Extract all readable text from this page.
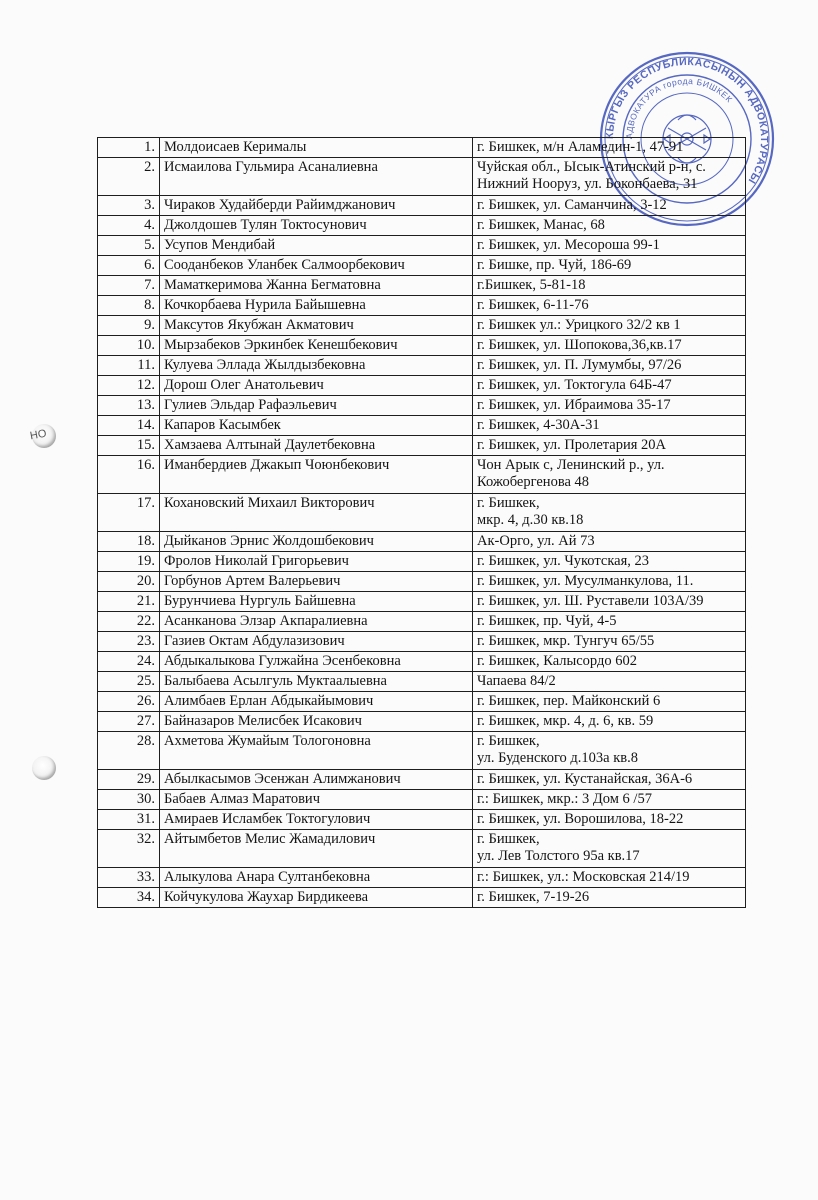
НО
КЫРГЫЗ РЕСПУБЛИКАСЫНЫН АДВОКАТУРАСЫ
АДВОКАТУРА города БИШКЕК
1.	Молдоисаев Керималы	г. Бишкек, м/н Аламедин-1, 47-91

2.	Исмаилова Гульмира Асаналиевна	Чуйская обл., Ысык-Атинский р-н, с.
Нижний Нооруз, ул. Боконбаева, 31

3.	Чираков Худайберди Райимджанович	г. Бишкек, ул. Саманчина, 3-12

4.	Джолдошев Тулян Токтосунович	г. Бишкек, Манас, 68

5.	Усупов Мендибай	г. Бишкек, ул. Месороша 99-1

6.	Сооданбеков Уланбек Салмоорбекович	г. Бишке, пр. Чуй, 186-69

7.	Маматкеримова Жанна Бегматовна	г.Бишкек, 5-81-18

8.	Кочкорбаева Нурила Байышевна	г. Бишкек, 6-11-76

9.	Максутов Якубжан Акматович	г. Бишкек ул.: Урицкого 32/2 кв 1

10.	Мырзабеков Эркинбек Кенешбекович	г. Бишкек, ул. Шопокова,36,кв.17

11.	Кулуева Эллада Жылдызбековна	г. Бишкек, ул. П. Лумумбы, 97/26

12.	Дорош Олег Анатольевич	г. Бишкек, ул. Токтогула 64Б-47

13.	Гулиев Эльдар Рафаэльевич	г. Бишкек, ул. Ибраимова 35-17

14.	Капаров Касымбек	г. Бишкек, 4-30А-31

15.	Хамзаева Алтынай Даулетбековна	г. Бишкек, ул. Пролетария 20А

16.	Иманбердиев Джакып Чоюнбекович	Чон Арык с, Ленинский р., ул.
Кожобергенова 48

17.	Кохановский Михаил Викторович	г. Бишкек,
мкр. 4, д.30 кв.18

18.	Дыйканов Эрнис Жолдошбекович	Ак-Орго, ул. Ай 73

19.	Фролов Николай Григорьевич	г. Бишкек, ул. Чукотская, 23

20.	Горбунов Артем Валерьевич	г. Бишкек, ул. Мусулманкулова, 11.

21.	Бурунчиева Нургуль Байшевна	г. Бишкек, ул. Ш. Руставели 103А/39

22.	Асанканова Элзар Акпаралиевна	г. Бишкек, пр. Чуй, 4-5

23.	Газиев Октам Абдулазизович	г. Бишкек, мкр. Тунгуч 65/55

24.	Абдыкалыкова Гулжайна Эсенбековна	г. Бишкек, Калысордо 602

25.	Балыбаева Асылгуль Муктаалыевна	Чапаева 84/2

26.	Алимбаев Ерлан Абдыкайымович	г. Бишкек, пер. Майконский 6

27.	Байназаров Мелисбек Исакович	г. Бишкек, мкр. 4, д. 6, кв. 59

28.	Ахметова Жумайым Тологоновна	г. Бишкек,
ул. Буденского д.103а кв.8

29.	Абылкасымов Эсенжан Алимжанович	г. Бишкек, ул. Кустанайская, 36А-6

30.	Бабаев Алмаз Маратович	г.: Бишкек, мкр.: 3 Дом 6 /57

31.	Амираев Исламбек Токтогулович	г. Бишкек, ул. Ворошилова, 18-22

32.	Айтымбетов Мелис Жамадилович	г. Бишкек,
ул. Лев Толстого 95а кв.17

33.	Алыкулова Анара Султанбековна	г.: Бишкек, ул.: Московская 214/19

34.	Койчукулова Жаухар Бирдикеева	г. Бишкек, 7-19-26
